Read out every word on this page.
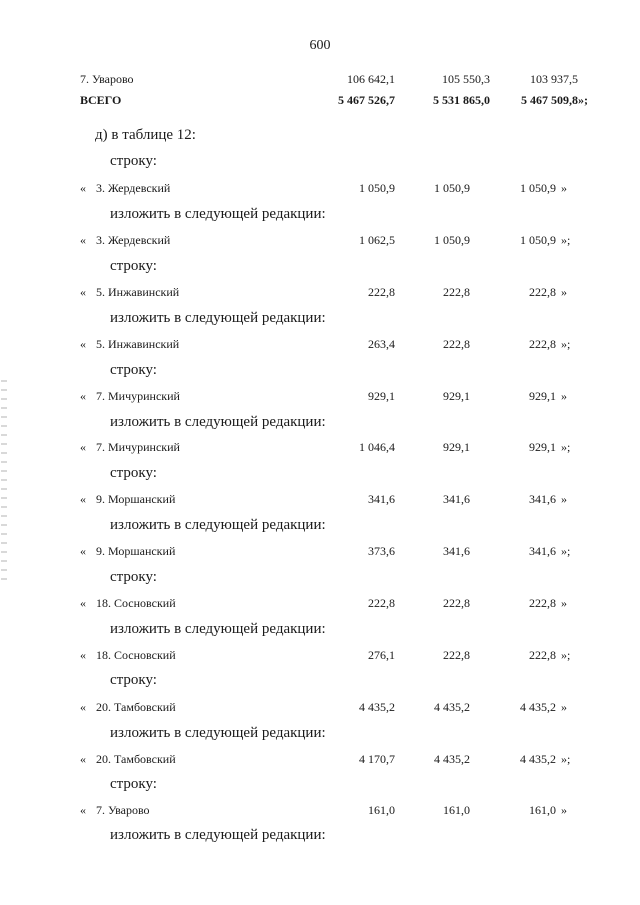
600
7. Уварово	106 642,1	105 550,3	103 937,5
ВСЕГО	5 467 526,7	5 531 865,0	5 467 509,8 »;
д) в таблице 12:
строку:
« 3. Жердевский	1 050,9	1 050,9	1 050,9 »
изложить в следующей редакции:
« 3. Жердевский	1 062,5	1 050,9	1 050,9 »;
строку:
« 5. Инжавинский	222,8	222,8	222,8 »
изложить в следующей редакции:
« 5. Инжавинский	263,4	222,8	222,8 »;
строку:
« 7. Мичуринский	929,1	929,1	929,1 »
изложить в следующей редакции:
« 7. Мичуринский	1 046,4	929,1	929,1 »;
строку:
« 9. Моршанский	341,6	341,6	341,6 »
изложить в следующей редакции:
« 9. Моршанский	373,6	341,6	341,6 »;
строку:
« 18. Сосновский	222,8	222,8	222,8 »
изложить в следующей редакции:
« 18. Сосновский	276,1	222,8	222,8 »;
строку:
« 20. Тамбовский	4 435,2	4 435,2	4 435,2 »
изложить в следующей редакции:
« 20. Тамбовский	4 170,7	4 435,2	4 435,2 »;
строку:
« 7. Уварово	161,0	161,0	161,0 »
изложить в следующей редакции:
